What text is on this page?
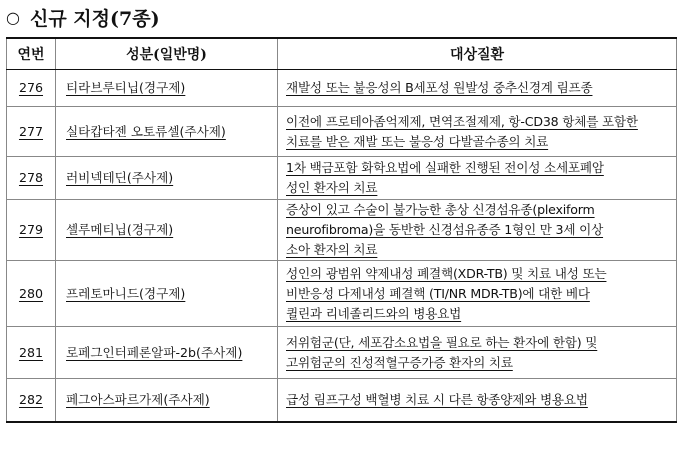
○ 신규 지정(7종)
연번	성분(일반명)	대상질환
276	티라브루티닙(경구제)	재발성 또는 불응성의 B세포성 원발성 중추신경계 림프종

277	실타캅타젠 오토류셀(주사제)	이전에 프로테아좀억제제, 면역조절제제, 항-CD38 항체를 포함한
치료를 받은 재발 또는 불응성 다발골수종의 치료

278	러비넥테딘(주사제)	1차 백금포함 화학요법에 실패한 진행된 전이성 소세포폐암
성인 환자의 치료

279	셀루메티닙(경구제)	증상이 있고 수술이 불가능한 총상 신경섬유종(plexiform
neurofibroma)을 동반한 신경섬유종증 1형인 만 3세 이상
소아 환자의 치료

280	프레토마니드(경구제)	성인의 광범위 약제내성 폐결핵(XDR-TB) 및 치료 내성 또는
비반응성 다제내성 폐결핵 (TI/NR MDR-TB)에 대한 베다
퀼린과 리네졸리드와의 병용요법

281	로페그인터페론알파-2b(주사제)	저위험군(단, 세포감소요법을 필요로 하는 환자에 한함) 및
고위험군의 진성적혈구증가증 환자의 치료

282	페그아스파르가제(주사제)	급성 림프구성 백혈병 치료 시 다른 항종양제와 병용요법
